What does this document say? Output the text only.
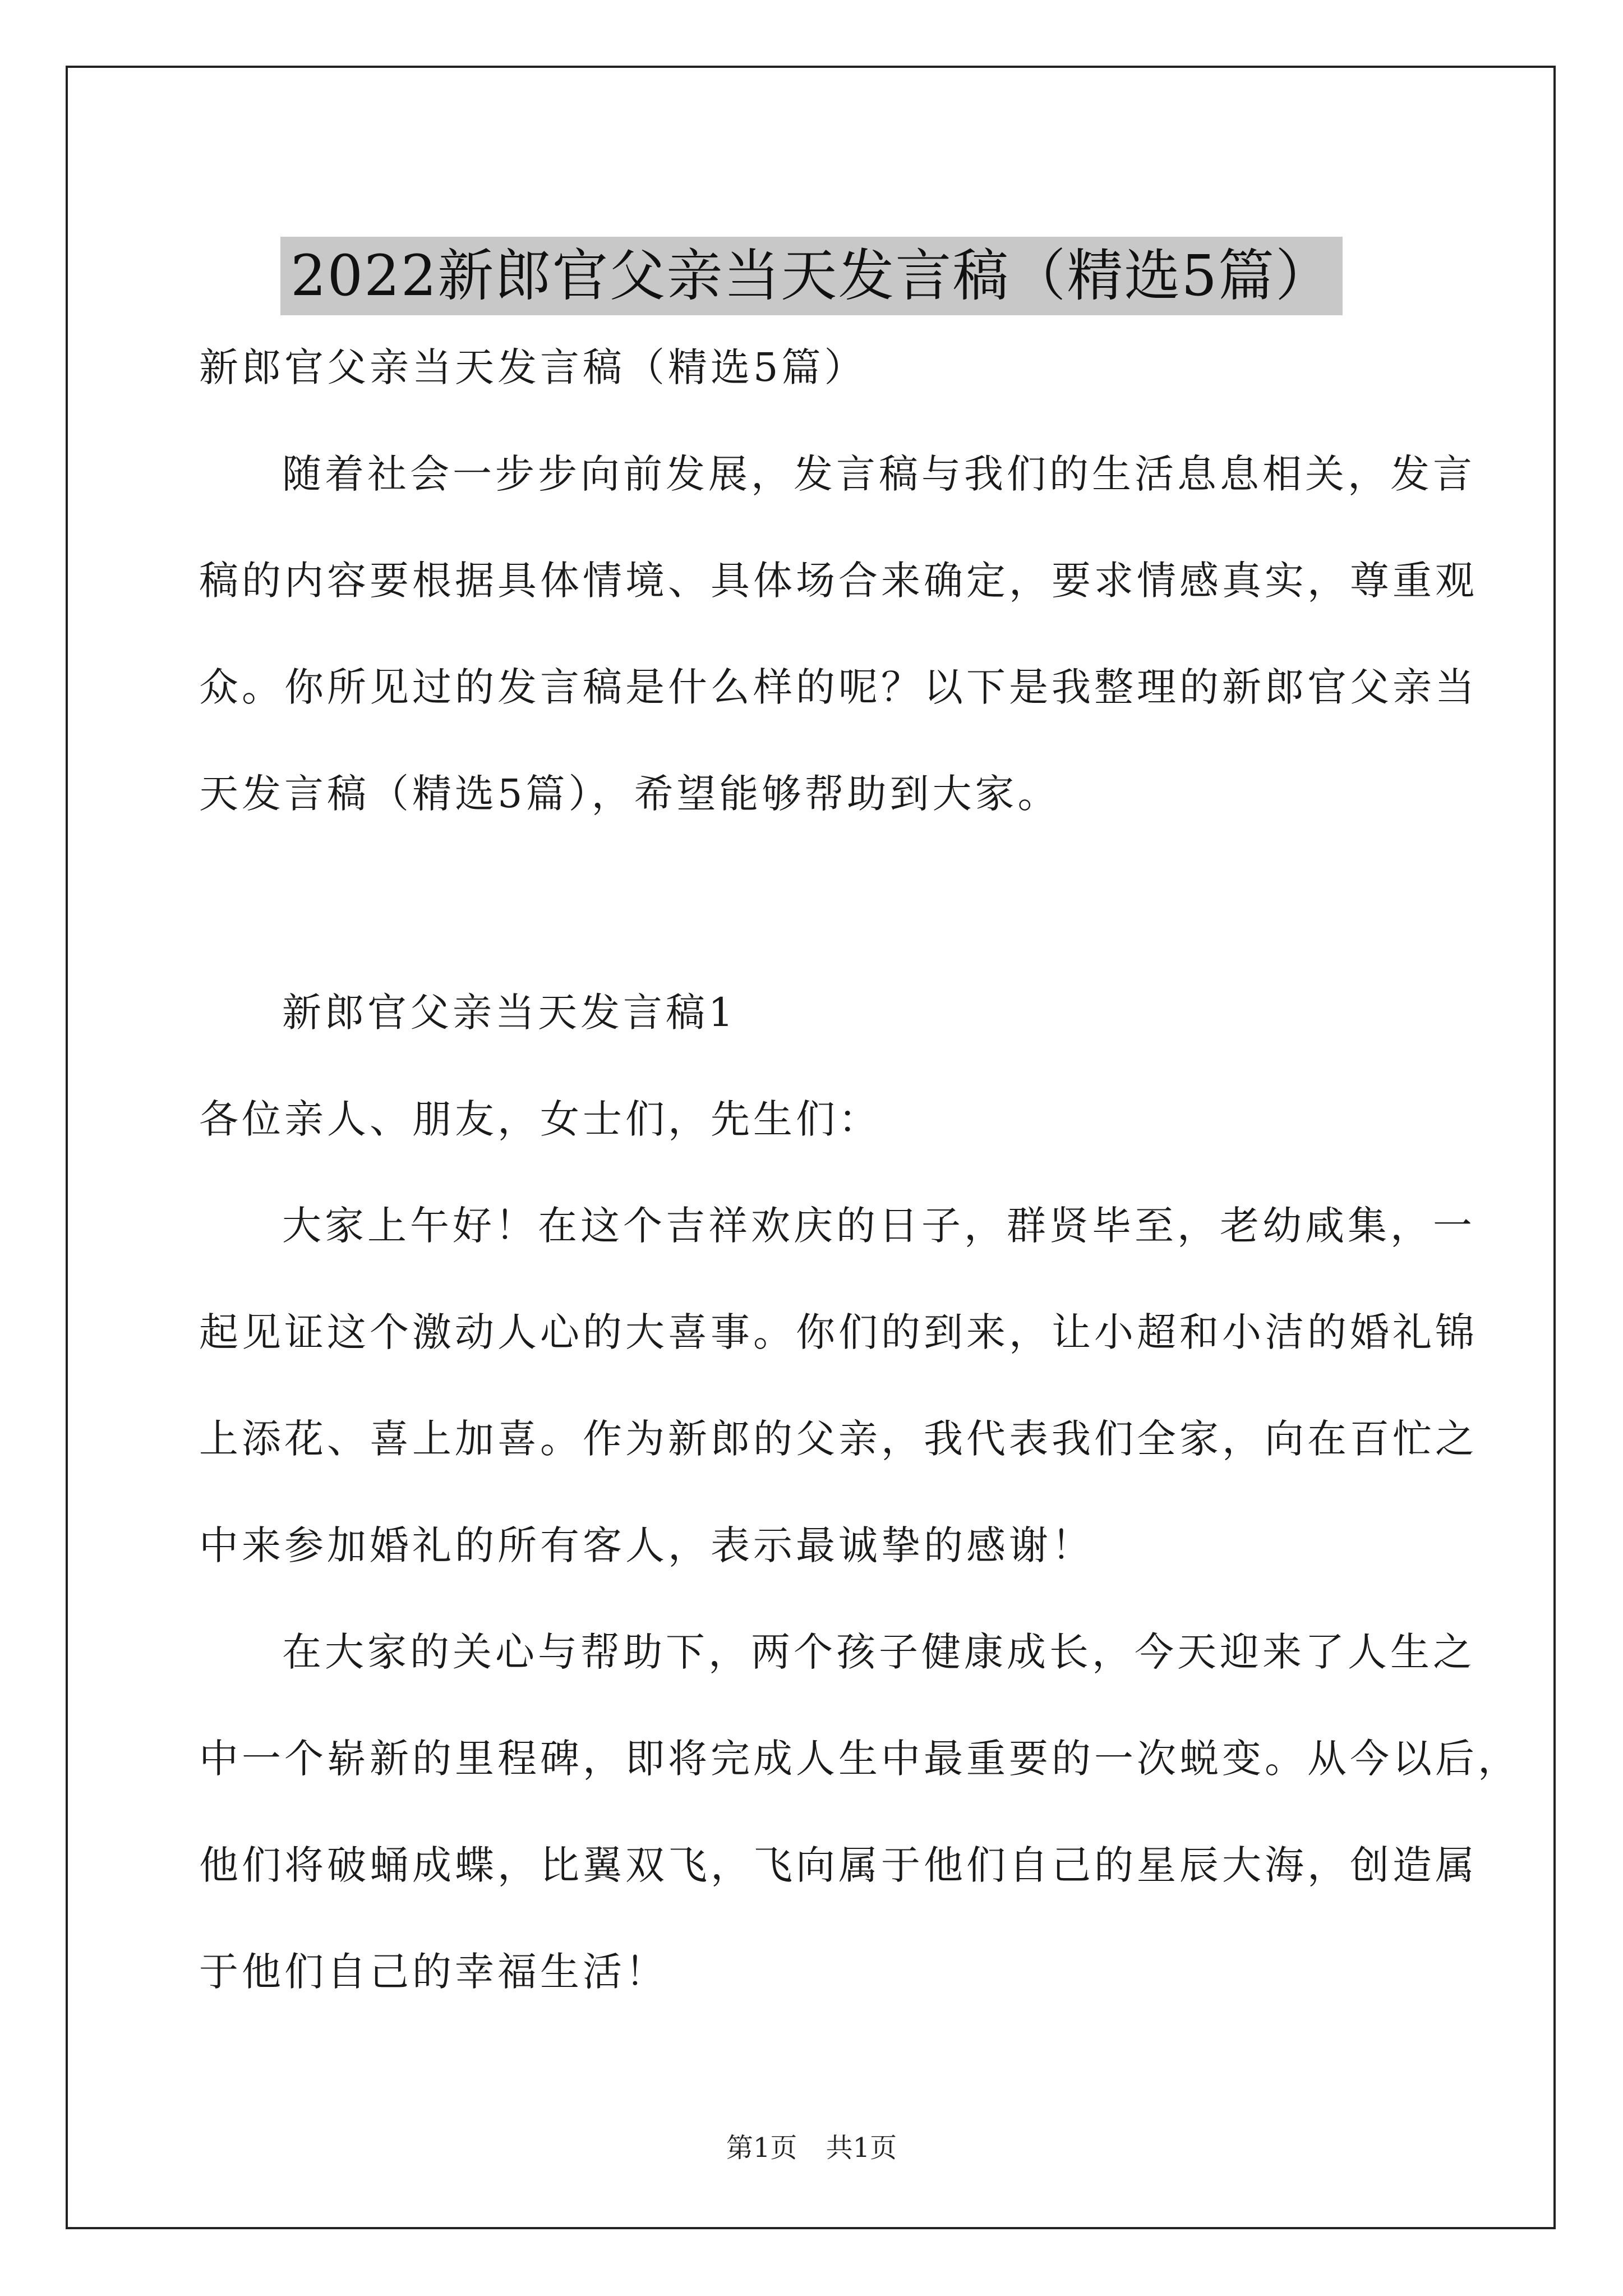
2022新郎官父亲当天发言稿（精选5篇）
新郎官父亲当天发言稿（精选5篇）
随着社会一步步向前发展，发言稿与我们的生活息息相关，发言
稿的内容要根据具体情境、具体场合来确定，要求情感真实，尊重观
众。你所见过的发言稿是什么样的呢？以下是我整理的新郎官父亲当
天发言稿（精选5篇），希望能够帮助到大家。
新郎官父亲当天发言稿1
各位亲人、朋友，女士们，先生们：
大家上午好！在这个吉祥欢庆的日子，群贤毕至，老幼咸集，一
起见证这个激动人心的大喜事。你们的到来，让小超和小洁的婚礼锦
上添花、喜上加喜。作为新郎的父亲，我代表我们全家，向在百忙之
中来参加婚礼的所有客人，表示最诚挚的感谢！
在大家的关心与帮助下，两个孩子健康成长，今天迎来了人生之
中一个崭新的里程碑，即将完成人生中最重要的一次蜕变。从今以后，
他们将破蛹成蝶，比翼双飞，飞向属于他们自己的星辰大海，创造属
于他们自己的幸福生活！
第1页 共1页
